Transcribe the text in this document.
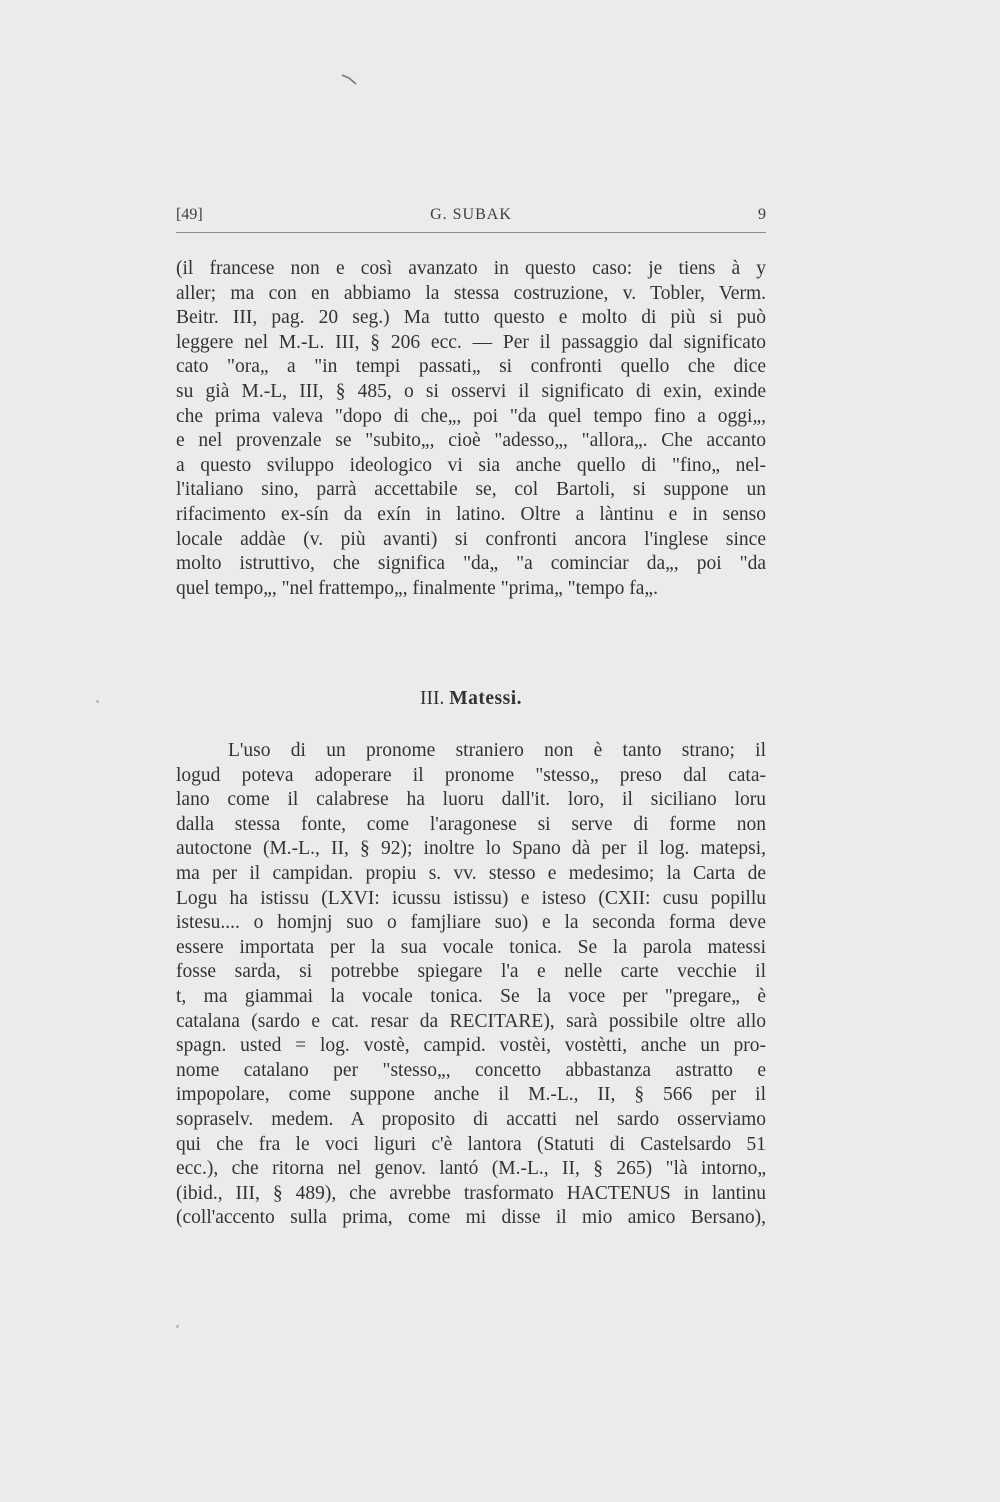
[49]	G. SUBAK	9
(il francese non e così avanzato in questo caso: je tiens à y
aller; ma con en abbiamo la stessa costruzione, v. Tobler, Verm.
Beitr. III, pag. 20 seg.) Ma tutto questo e molto di più si può
leggere nel M.-L. III, § 206 ecc. — Per il passaggio dal significato
cato "ora„ a "in tempi passati„ si confronti quello che dice
su già M.-L, III, § 485, o si osservi il significato di exin, exinde
che prima valeva "dopo di che„, poi "da quel tempo fino a oggi„,
e nel provenzale se "subito„, cioè "adesso„, "allora„. Che accanto
a questo sviluppo ideologico vi sia anche quello di "fino„ nel-
l'italiano sino, parrà accettabile se, col Bartoli, si suppone un
rifacimento ex-sín da exín in latino. Oltre a làntinu e in senso
locale addàe (v. più avanti) si confronti ancora l'inglese since
molto istruttivo, che significa "da„ "a cominciar da„, poi "da
quel tempo„, "nel frattempo„, finalmente "prima„ "tempo fa„.
III. Matessi.
L'uso di un pronome straniero non è tanto strano; il
logud poteva adoperare il pronome "stesso„ preso dal cata-
lano come il calabrese ha luoru dall'it. loro, il siciliano loru
dalla stessa fonte, come l'aragonese si serve di forme non
autoctone (M.-L., II, § 92); inoltre lo Spano dà per il log. matepsi,
ma per il campidan. propiu s. vv. stesso e medesimo; la Carta de
Logu ha istissu (LXVI: icussu istissu) e isteso (CXII: cusu popillu
istesu.... o homjnj suo o famjliare suo) e la seconda forma deve
essere importata per la sua vocale tonica. Se la parola matessi
fosse sarda, si potrebbe spiegare l'a e nelle carte vecchie il
t, ma giammai la vocale tonica. Se la voce per "pregare„ è
catalana (sardo e cat. resar da RECITARE), sarà possibile oltre allo
spagn. usted = log. vostè, campid. vostèi, vostètti, anche un pro-
nome catalano per "stesso„, concetto abbastanza astratto e
impopolare, come suppone anche il M.-L., II, § 566 per il
sopraselv. medem. A proposito di accatti nel sardo osserviamo
qui che fra le voci liguri c'è lantora (Statuti di Castelsardo 51
ecc.), che ritorna nel genov. lantó (M.-L., II, § 265) "là intorno„
(ibid., III, § 489), che avrebbe trasformato HACTENUS in lantinu
(coll'accento sulla prima, come mi disse il mio amico Bersano),
